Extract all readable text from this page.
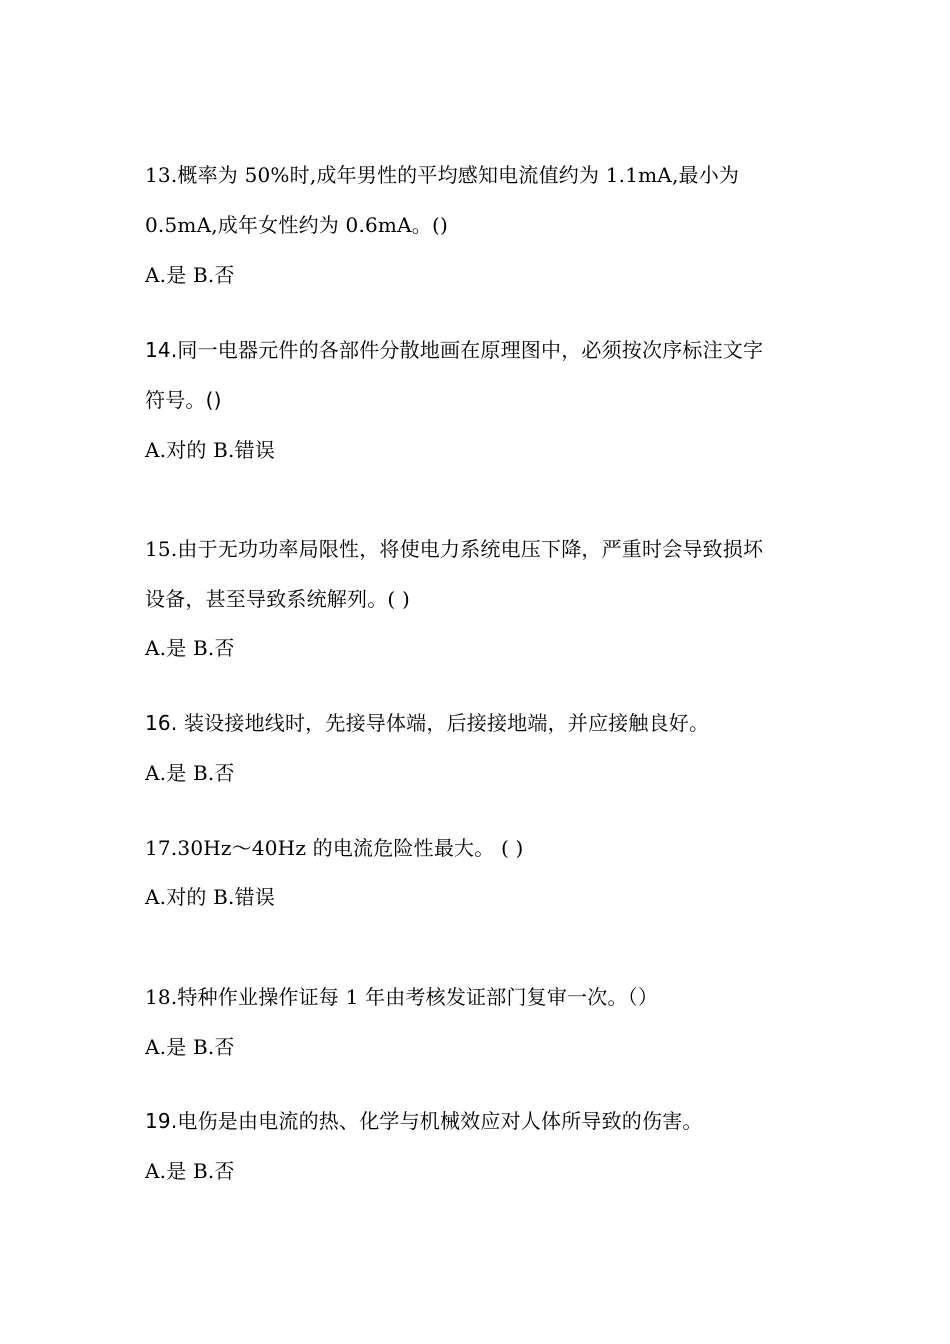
13.概率为 50%时,成年男性的平均感知电流值约为 1.1mA,最小为
0.5mA,成年女性约为 0.6mA。()
A.是 B.否
14.同一电器元件的各部件分散地画在原理图中，必须按次序标注文字
符号。()
A.对的 B.错误
15.由于无功功率局限性，将使电力系统电压下降，严重时会导致损坏
设备，甚至导致系统解列。( )
A.是 B.否
16. 装设接地线时，先接导体端，后接接地端，并应接触良好。
A.是 B.否
17.30Hz～40Hz 的电流危险性最大。 ( )
A.对的 B.错误
18.特种作业操作证每 1 年由考核发证部门复审一次。（）
A.是 B.否
19.电伤是由电流的热、化学与机械效应对人体所导致的伤害。
A.是 B.否
